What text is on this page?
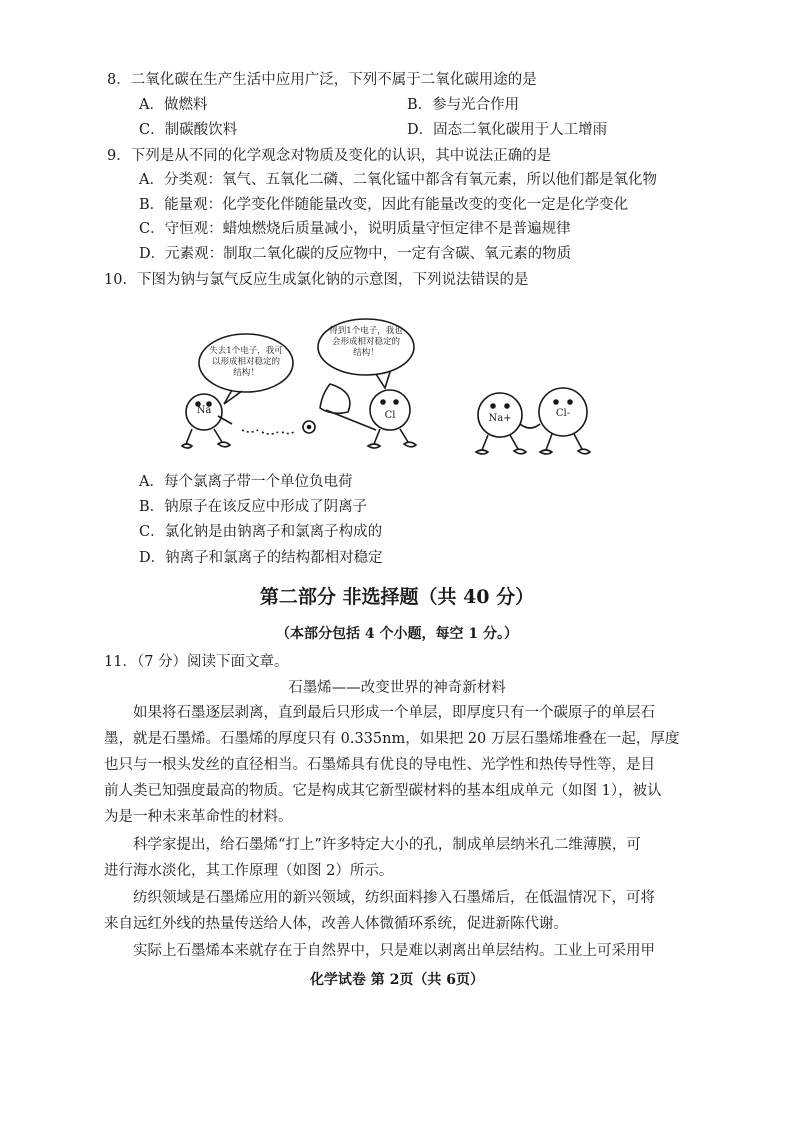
8．二氧化碳在生产生活中应用广泛，下列不属于二氧化碳用途的是
A．做燃料	B．参与光合作用
C．制碳酸饮料	D．固态二氧化碳用于人工增雨
9．下列是从不同的化学观念对物质及变化的认识，其中说法正确的是
A．分类观：氧气、五氧化二磷、二氧化锰中都含有氧元素，所以他们都是氧化物
B．能量观：化学变化伴随能量改变，因此有能量改变的变化一定是化学变化
C．守恒观：蜡烛燃烧后质量减小，说明质量守恒定律不是普遍规律
D．元素观：制取二氧化碳的反应物中，一定有含碳、氧元素的物质
10．下图为钠与氯气反应生成氯化钠的示意图，下列说法错误的是
失去1个电子，我可以形成相对稳定的结构！
得到1个电子，我也会形成相对稳定的结构！
Na	Cl	Na+	Cl-
A．每个氯离子带一个单位负电荷
B．钠原子在该反应中形成了阴离子
C．氯化钠是由钠离子和氯离子构成的
D．钠离子和氯离子的结构都相对稳定
第二部分 非选择题（共 40 分）
（本部分包括 4 个小题，每空 1 分。）
11．（7 分）阅读下面文章。
石墨烯——改变世界的神奇新材料
如果将石墨逐层剥离，直到最后只形成一个单层，即厚度只有一个碳原子的单层石
墨，就是石墨烯。石墨烯的厚度只有 0.335nm，如果把 20 万层石墨烯堆叠在一起，厚度
也只与一根头发丝的直径相当。石墨烯具有优良的导电性、光学性和热传导性等，是目
前人类已知强度最高的物质。它是构成其它新型碳材料的基本组成单元（如图 1），被认
为是一种未来革命性的材料。
科学家提出，给石墨烯“打上”许多特定大小的孔，制成单层纳米孔二维薄膜，可
进行海水淡化，其工作原理（如图 2）所示。
纺织领域是石墨烯应用的新兴领域，纺织面料掺入石墨烯后，在低温情况下，可将
来自远红外线的热量传送给人体，改善人体微循环系统，促进新陈代谢。
实际上石墨烯本来就存在于自然界中，只是难以剥离出单层结构。工业上可采用甲
化学试卷 第 2页（共 6页）
